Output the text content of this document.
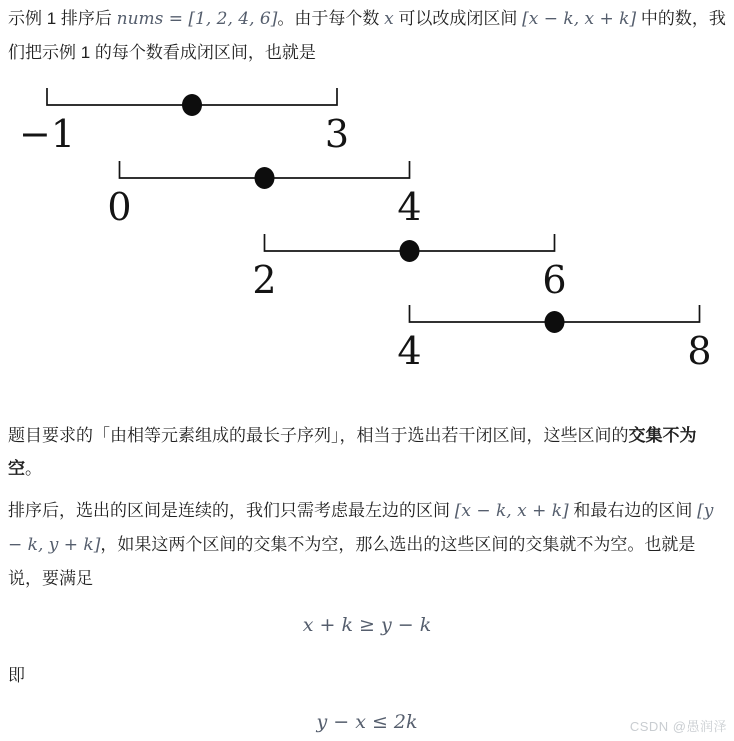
示例 1 排序后 nums = [1, 2, 4, 6]。由于每个数 x 可以改成闭区间 [x − k, x + k] 中的数，我们把示例 1 的每个数看成闭区间，也就是

−1	3
0	4
2	6
4	8

题目要求的「由相等元素组成的最长子序列」，相当于选出若干闭区间，这些区间的交集不为空。

排序后，选出的区间是连续的，我们只需考虑最左边的区间 [x − k, x + k] 和最右边的区间 [y − k, y + k]，如果这两个区间的交集不为空，那么选出的这些区间的交集就不为空。也就是说，要满足

x + k ≥ y − k

即

y − x ≤ 2k	CSDN @愚润泽
